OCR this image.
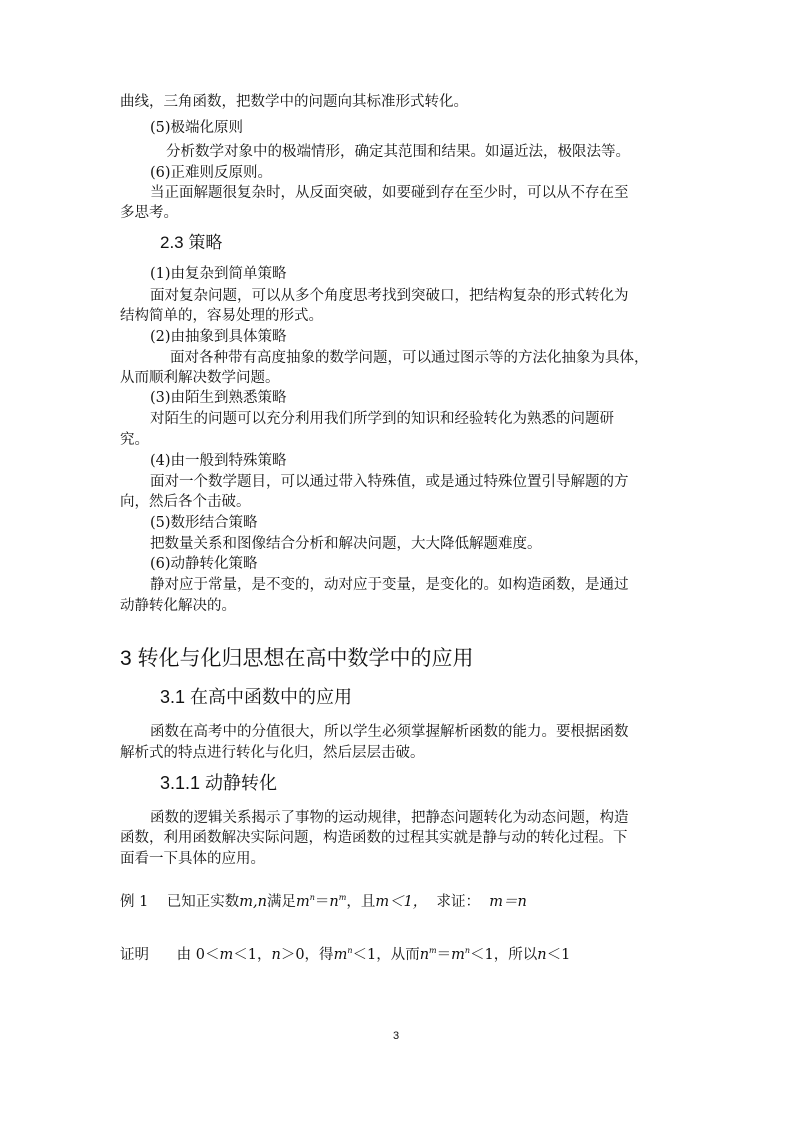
曲线，三角函数，把数学中的问题向其标准形式转化。
(5)极端化原则
分析数学对象中的极端情形，确定其范围和结果。如逼近法，极限法等。
(6)正难则反原则。
当正面解题很复杂时，从反面突破，如要碰到存在至少时，可以从不存在至
多思考。
2.3 策略
(1)由复杂到简单策略
面对复杂问题，可以从多个角度思考找到突破口，把结构复杂的形式转化为
结构简单的，容易处理的形式。
(2)由抽象到具体策略
面对各种带有高度抽象的数学问题，可以通过图示等的方法化抽象为具体，
从而顺利解决数学问题。
(3)由陌生到熟悉策略
对陌生的问题可以充分利用我们所学到的知识和经验转化为熟悉的问题研
究。
(4)由一般到特殊策略
面对一个数学题目，可以通过带入特殊值，或是通过特殊位置引导解题的方
向，然后各个击破。
(5)数形结合策略
把数量关系和图像结合分析和解决问题，大大降低解题难度。
(6)动静转化策略
静对应于常量，是不变的，动对应于变量，是变化的。如构造函数，是通过
动静转化解决的。
3 转化与化归思想在高中数学中的应用
3.1 在高中函数中的应用
函数在高考中的分值很大，所以学生必须掌握解析函数的能力。要根据函数
解析式的特点进行转化与化归，然后层层击破。
3.1.1 动静转化
函数的逻辑关系揭示了事物的运动规律，把静态问题转化为动态问题，构造
函数，利用函数解决实际问题，构造函数的过程其实就是静与动的转化过程。下
面看一下具体的应用。
例 1 已知正实数m,n满足$m^n=n^m$，且m＜1， 求证： m＝n
证明 由 0＜m＜1，n＞0，得$m^n<1$，从而$n^m=m^n<1$，所以n＜1
3
